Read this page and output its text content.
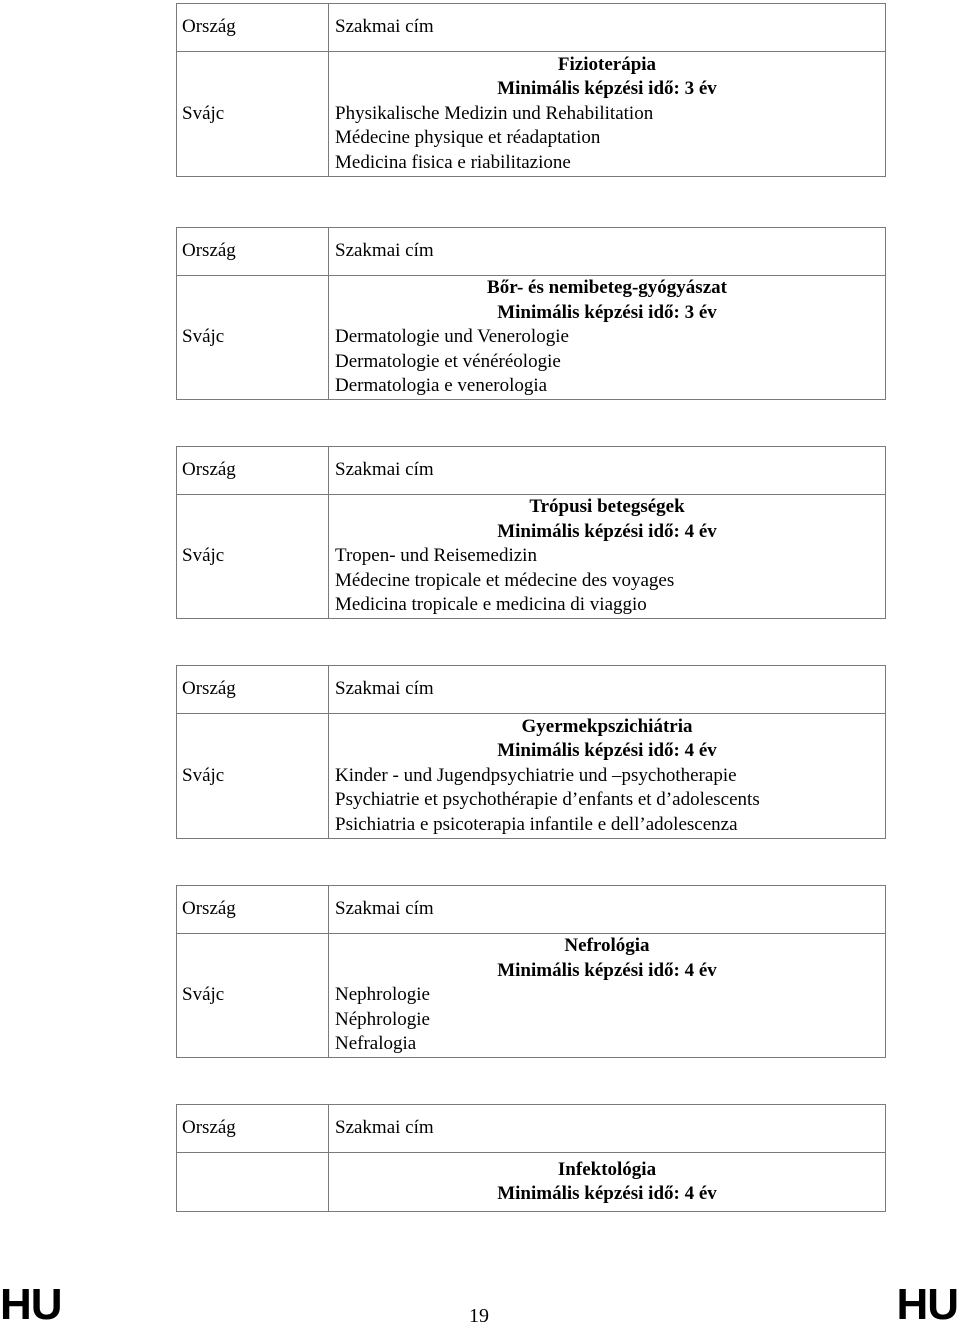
Ország	Szakmai cím
Svájc	Fizioterápia
Minimális képzési idő: 3 év
Physikalische Medizin und Rehabilitation
Médecine physique et réadaptation
Medicina fisica e riabilitazione
Ország	Szakmai cím
Svájc	Bőr- és nemibeteg-gyógyászat
Minimális képzési idő: 3 év
Dermatologie und Venerologie
Dermatologie et vénéréologie
Dermatologia e venerologia
Ország	Szakmai cím
Svájc	Trópusi betegségek
Minimális képzési idő: 4 év
Tropen- und Reisemedizin
Médecine tropicale et médecine des voyages
Medicina tropicale e medicina di viaggio
Ország	Szakmai cím
Svájc	Gyermekpszichiátria
Minimális képzési idő: 4 év
Kinder - und Jugendpsychiatrie und –psychotherapie
Psychiatrie et psychothérapie d’enfants et d’adolescents
Psichiatria e psicoterapia infantile e dell’adolescenza
Ország	Szakmai cím
Svájc	Nefrológia
Minimális képzési idő: 4 év
Nephrologie
Néphrologie
Nefralogia
Ország	Szakmai cím

	Infektológia
Minimális képzési idő: 4 év
HU	19	HU
